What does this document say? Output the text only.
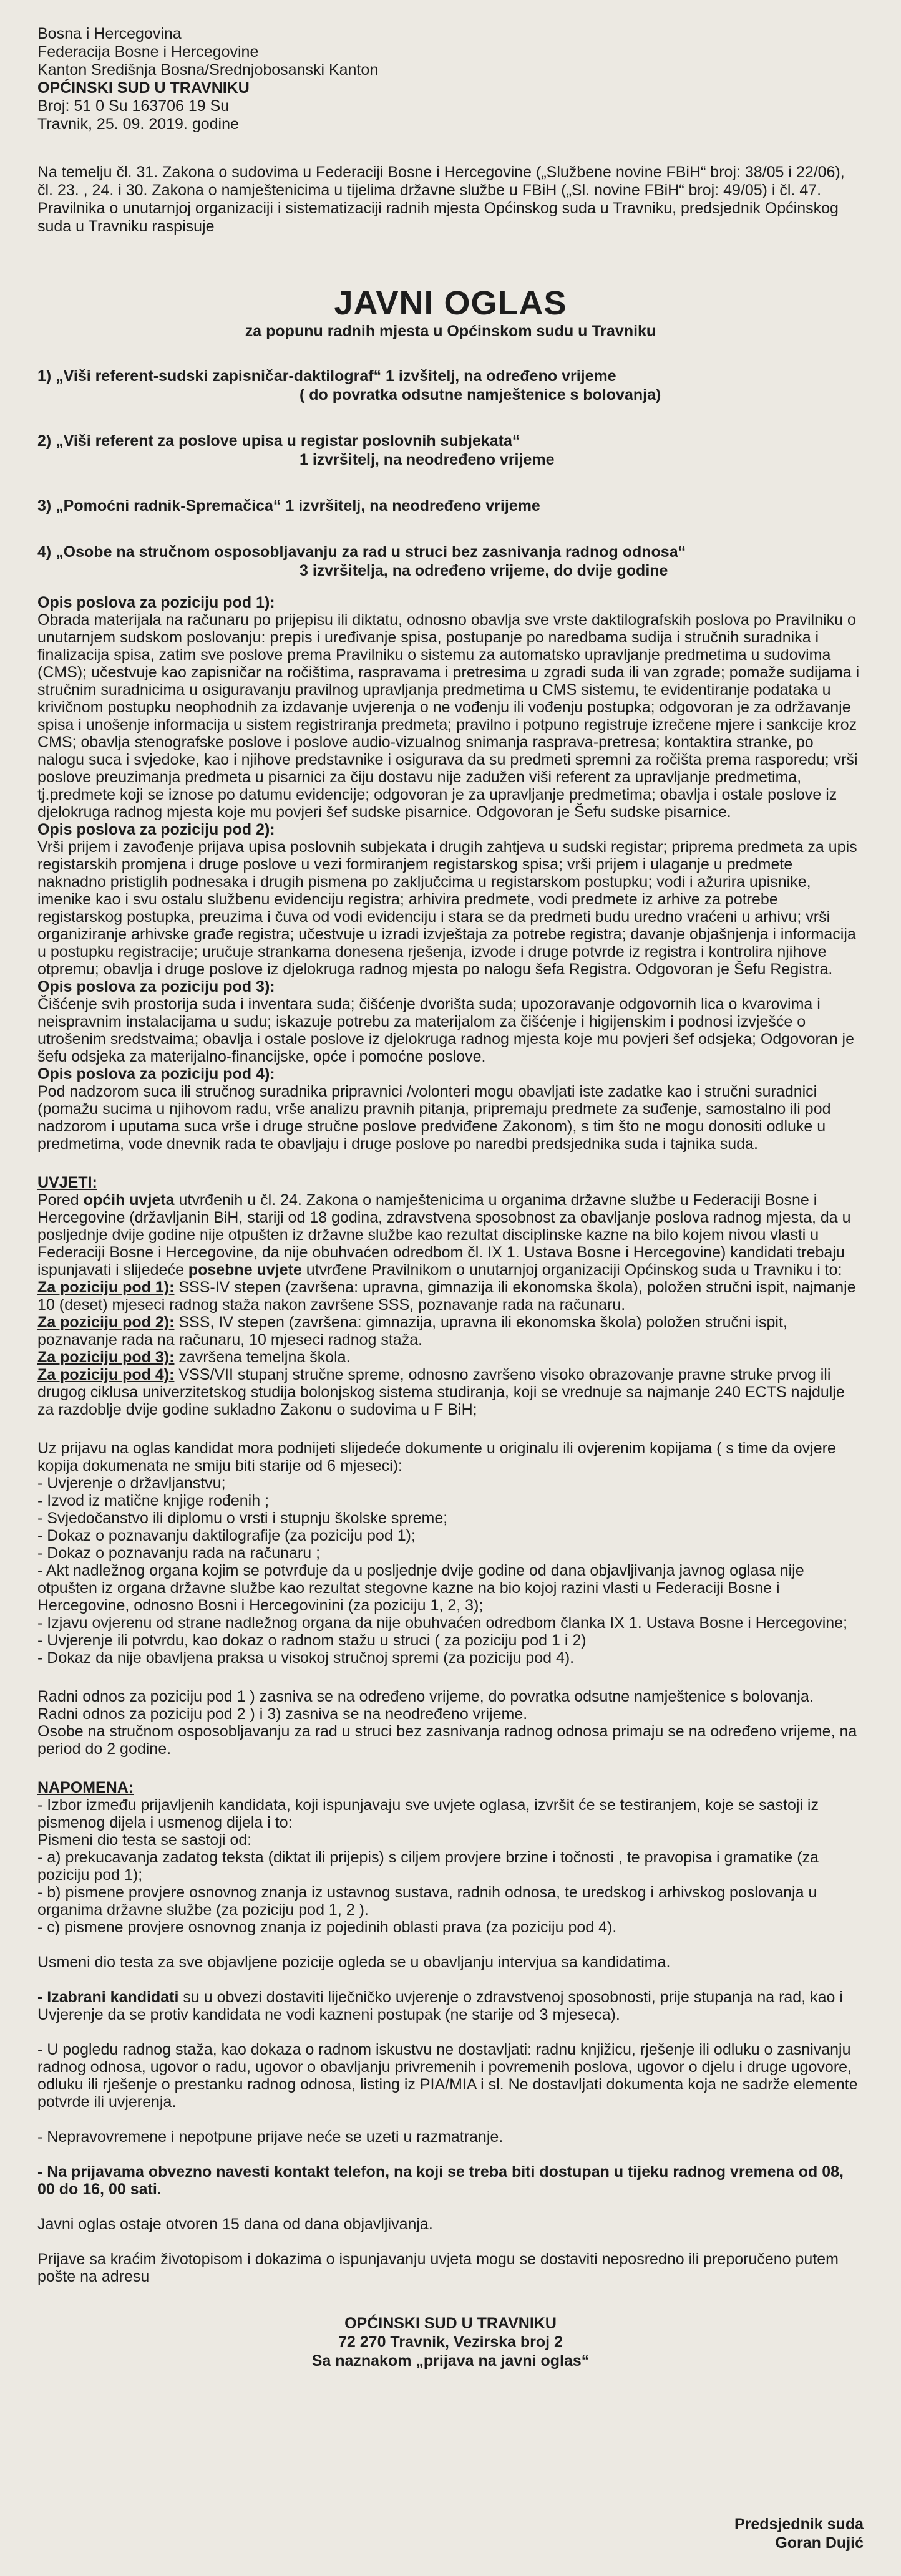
Bosna i Hercegovina

Federacija Bosne i Hercegovine

Kanton Središnja Bosna/Srednjobosanski Kanton

OPĆINSKI SUD U TRAVNIKU

Broj: 51 0 Su 163706 19 Su

Travnik, 25. 09. 2019. godine

Na temelju čl. 31. Zakona o sudovima u Federaciji Bosne i Hercegovine („Službene novine FBiH“ broj: 38/05 i 22/06), čl. 23. , 24. i 30. Zakona o namještenicima u tijelima državne službe u FBiH („Sl. novine FBiH“ broj: 49/05) i čl. 47. Pravilnika o unutarnjoj organizaciji i sistematizaciji radnih mjesta Općinskog suda u Travniku, predsjednik Općinskog suda u Travniku raspisuje
JAVNI OGLAS
za popunu radnih mjesta u Općinskom sudu u Travniku
1) „Viši referent-sudski zapisničar-daktilograf“ 1 izvšitelj, na određeno vrijeme
( do povratka odsutne namještenice s bolovanja)
2) „Viši referent za poslove upisa u registar poslovnih subjekata“
1 izvršitelj, na neodređeno vrijeme
3) „Pomoćni radnik-Spremačica“ 1 izvršitelj, na neodređeno vrijeme
4) „Osobe na stručnom osposobljavanju za rad u struci bez zasnivanja radnog odnosa“
3 izvršitelja, na određeno vrijeme, do dvije godine
Opis poslova za poziciju pod 1):
Obrada materijala na računaru po prijepisu ili diktatu, odnosno obavlja sve vrste daktilografskih poslova po Pravilniku o unutarnjem sudskom poslovanju: prepis i uređivanje spisa, postupanje po naredbama sudija i stručnih suradnika i finalizacija spisa, zatim sve poslove prema Pravilniku o sistemu za automatsko upravljanje predmetima u sudovima (CMS); učestvuje kao zapisničar na ročištima, raspravama i pretresima u zgradi suda ili van zgrade; pomaže sudijama i stručnim suradnicima u osiguravanju pravilnog upravljanja predmetima u CMS sistemu, te evidentiranje podataka u krivičnom postupku neophodnih za izdavanje uvjerenja o ne vođenju ili vođenju postupka; odgovoran je za održavanje spisa i unošenje informacija u sistem registriranja predmeta; pravilno i potpuno registruje izrečene mjere i sankcije kroz CMS; obavlja stenografske poslove i poslove audio-vizualnog snimanja rasprava-pretresa; kontaktira stranke, po nalogu suca i svjedoke, kao i njihove predstavnike i osigurava da su predmeti spremni za ročišta prema rasporedu; vrši poslove preuzimanja predmeta u pisarnici za čiju dostavu nije zadužen viši referent za upravljanje predmetima, tj.predmete koji se iznose po datumu evidencije; odgovoran je za upravljanje predmetima; obavlja i ostale poslove iz djelokruga radnog mjesta koje mu povjeri šef sudske pisarnice. Odgovoran je Šefu sudske pisarnice.
Opis poslova za poziciju pod 2):
Vrši prijem i zavođenje prijava upisa poslovnih subjekata i drugih zahtjeva u sudski registar; pripremа predmeta za upis registarskih promjena i druge poslove u vezi formiranjem registarskog spisa; vrši prijem i ulaganje u predmete naknadno pristiglih podnesaka i drugih pismena po zaključcima u registarskom postupku; vodi i ažurira upisnike, imenike kao i svu ostalu službenu evidenciju registra; arhivira predmete, vodi predmete iz arhive za potrebe registarskog postupka, preuzima i čuva od vodi evidenciju i stara se da predmeti budu uredno vraćeni u arhivu; vrši organiziranje arhivske građe registra; učestvuje u izradi izvještaja za potrebe registra; davanje objašnjenja i informacija u postupku registracije; uručuje strankama donesena rješenja, izvode i druge potvrde iz registra i kontrolira njihove otpremu; obavlja i druge poslove iz djelokruga radnog mjesta po nalogu šefa Registra. Odgovoran je Šefu Registra.
Opis poslova za poziciju pod 3):
Čišćenje svih prostorija suda i inventara suda; čišćenje dvorišta suda; upozoravanje odgovornih lica o kvarovima i neispravnim instalacijama u sudu; iskazuje potrebu za materijalom za čišćenje i higijenskim i podnosi izvješće o utrošenim sredstvaima; obavlja i ostale poslove iz djelokruga radnog mjesta koje mu povjeri šef odsjeka; Odgovoran je šefu odsjeka za materijalno-financijske, opće i pomoćne poslove.
Opis poslova za poziciju pod 4):
Pod nadzorom suca ili stručnog suradnika pripravnici /volonteri mogu obavljati iste zadatke kao i stručni suradnici (pomažu sucima u njihovom radu, vrše analizu pravnih pitanja, pripremaju predmete za suđenje, samostalno ili pod nadzorom i uputama suca vrše i druge stručne poslove predviđene Zakonom), s tim što ne mogu donositi odluke u predmetima, vode dnevnik rada te obavljaju i druge poslove po naredbi predsjednika suda i tajnika suda.
UVJETI:

Pored općih uvjeta utvrđenih u čl. 24. Zakona o namještenicima u organima državne službe u Federaciji Bosne i Hercegovine (državljanin BiH, stariji od 18 godina, zdravstvena sposobnost za obavljanje poslova radnog mjesta, da u posljednje dvije godine nije otpušten iz državne službe kao rezultat disciplinske kazne na bilo kojem nivou vlasti u Federaciji Bosne i Hercegovine, da nije obuhvaćen odredbom čl. IX 1. Ustava Bosne i Hercegovine) kandidati trebaju ispunjavati i slijedeće posebne uvjete utvrđene Pravilnikom o unutarnjoj organizaciji Općinskog suda u Travniku i to:

Za poziciju pod 1): SSS-IV stepen (završena: upravna, gimnazija ili ekonomska škola), položen stručni ispit, najmanje 10 (deset) mjeseci radnog staža nakon završene SSS, poznavanje rada na računaru.

Za poziciju pod 2): SSS, IV stepen (završena: gimnazija, upravna ili ekonomska škola) položen stručni ispit, poznavanje rada na računaru, 10 mjeseci radnog staža.

Za poziciju pod 3): završena temeljna škola.

Za poziciju pod 4): VSS/VII stupanj stručne spreme, odnosno završeno visoko obrazovanje pravne struke prvog ili drugog ciklusa univerzitetskog studija bolonjskog sistema studiranja, koji se vrednuje sa najmanje 240 ECTS najdulje za razdoblje dvije godine sukladno Zakonu o sudovima u F BiH;

Uz prijavu na oglas kandidat mora podnijeti slijedeće dokumente u originalu ili ovjerenim kopijama ( s time da ovjere kopija dokumenata ne smiju biti starije od 6 mjeseci):

- Uvjerenje o državljanstvu;

- Izvod iz matične knjige rođenih ;

- Svjedočanstvo ili diplomu o vrsti i stupnju školske spreme;

- Dokaz o poznavanju daktilografije (za poziciju pod 1);

- Dokaz o poznavanju rada na računaru ;

- Akt nadležnog organa kojim se potvrđuje da u posljednje dvije godine od dana objavljivanja javnog oglasa nije otpušten iz organa državne službe kao rezultat stegovne kazne na bio kojoj razini vlasti u Federaciji Bosne i Hercegovine, odnosno Bosni i Hercegovinini (za poziciju 1, 2, 3);

- Izjavu ovjerenu od strane nadležnog organa da nije obuhvaćen odredbom članka IX 1. Ustava Bosne i Hercegovine;

- Uvjerenje ili potvrdu, kao dokaz o radnom stažu u struci ( za poziciju pod 1 i 2)

- Dokaz da nije obavljena praksa u visokoj stručnoj spremi (za poziciju pod 4).

Radni odnos za poziciju pod 1 ) zasniva se na određeno vrijeme, do povratka odsutne namještenice s bolovanja.

Radni odnos za poziciju pod 2 ) i 3) zasniva se na neodređeno vrijeme.

Osobe na stručnom osposobljavanju za rad u struci bez zasnivanja radnog odnosa primaju se na određeno vrijeme, na period do 2 godine.

NAPOMENA:

- Izbor između prijavljenih kandidata, koji ispunjavaju sve uvjete oglasa, izvršit će se testiranjem, koje se sastoji iz pismenog dijela i usmenog dijela i to:

Pismeni dio testa se sastoji od:

- a) prekucavanja zadatog teksta (diktat ili prijepis) s ciljem provjere brzine i točnosti , te pravopisa i gramatike (za poziciju pod 1);

- b) pismene provjere osnovnog znanja iz ustavnog sustava, radnih odnosa, te uredskog i arhivskog poslovanja u organima državne službe (za poziciju pod 1, 2 ).

- c) pismene provjere osnovnog znanja iz pojedinih oblasti prava (za poziciju pod 4).

Usmeni dio testa za sve objavljene pozicije ogleda se u obavljanju intervjua sa kandidatima.

- Izabrani kandidati su u obvezi dostaviti liječničko uvjerenje o zdravstvenoj sposobnosti, prije stupanja na rad, kao i Uvjerenje da se protiv kandidata ne vodi kazneni postupak (ne starije od 3 mjeseca).

- U pogledu radnog staža, kao dokaza o radnom iskustvu ne dostavljati: radnu knjižicu, rješenje ili odluku o zasnivanju radnog odnosa, ugovor o radu, ugovor o obavljanju privremenih i povremenih poslova, ugovor o djelu i druge ugovore, odluku ili rješenje o prestanku radnog odnosa, listing iz PIA/MIA i sl. Ne dostavljati dokumenta koja ne sadrže elemente potvrde ili uvjerenja.

- Nepravovremene i nepotpune prijave neće se uzeti u razmatranje.

- Na prijavama obvezno navesti kontakt telefon, na koji se treba biti dostupan u tijeku radnog vremena od 08, 00 do 16, 00 sati.

Javni oglas ostaje otvoren 15 dana od dana objavljivanja.

Prijave sa kraćim životopisom i dokazima o ispunjavanju uvjeta mogu se dostaviti neposredno ili preporučeno putem pošte na adresu

OPĆINSKI SUD U TRAVNIKU
72 270 Travnik, Vezirska broj 2
Sa naznakom „prijava na javni oglas“
Predsjednik suda
Goran Dujić
